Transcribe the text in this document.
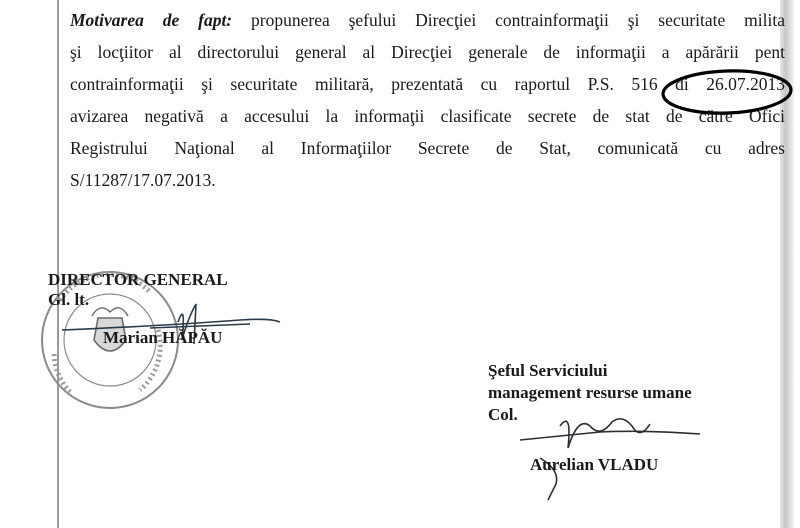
Motivarea de fapt: propunerea şefului Direcţiei contrainformaţii şi securitate milita
şi locţiitor al directorului general al Direcţiei generale de informaţii a apărării pent
contrainformaţii şi securitate militară, prezentată cu raportul P.S. 516 di 26.07.2013
avizarea negativă a accesului la informaţii clasificate secrete de stat de către Ofici
Registrului Naţional al Informaţiilor Secrete de Stat, comunicată cu adres
S/11287/17.07.2013.
DIRECTOR GENERAL
Gl. lt.
Marian HĂPĂU
Şeful Serviciului
management resurse umane
Col.
Aurelian VLADU
